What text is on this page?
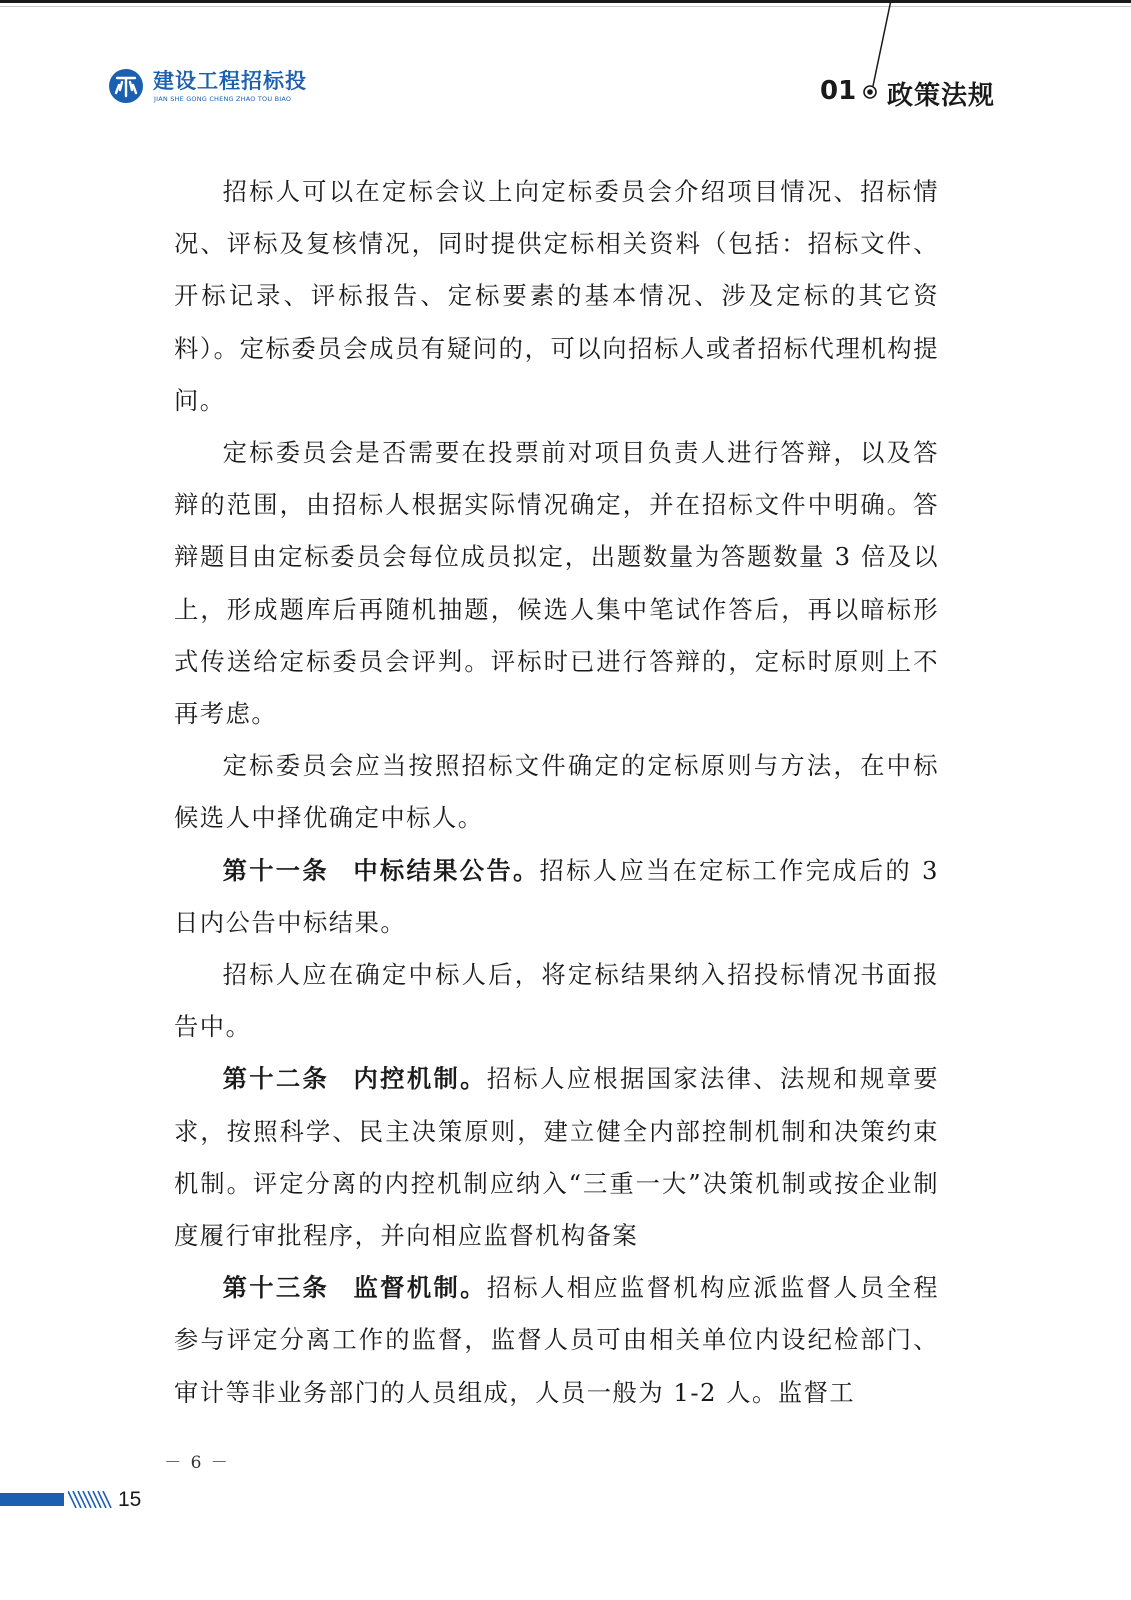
建设工程招标投
JIAN SHE GONG CHENG ZHAO TOU BIAO	01 政策法规

招标人可以在定标会议上向定标委员会介绍项目情况、招标情况、评标及复核情况，同时提供定标相关资料（包括：招标文件、开标记录、评标报告、定标要素的基本情况、涉及定标的其它资料）。定标委员会成员有疑问的，可以向招标人或者招标代理机构提问。

定标委员会是否需要在投票前对项目负责人进行答辩，以及答辩的范围，由招标人根据实际情况确定，并在招标文件中明确。答辩题目由定标委员会每位成员拟定，出题数量为答题数量 3 倍及以上，形成题库后再随机抽题，候选人集中笔试作答后，再以暗标形式传送给定标委员会评判。评标时已进行答辩的，定标时原则上不再考虑。

定标委员会应当按照招标文件确定的定标原则与方法，在中标候选人中择优确定中标人。

第十一条 中标结果公告。招标人应当在定标工作完成后的 3 日内公告中标结果。

招标人应在确定中标人后，将定标结果纳入招投标情况书面报告中。

第十二条 内控机制。招标人应根据国家法律、法规和规章要求，按照科学、民主决策原则，建立健全内部控制机制和决策约束机制。评定分离的内控机制应纳入“三重一大”决策机制或按企业制度履行审批程序，并向相应监督机构备案

第十三条 监督机制。招标人相应监督机构应派监督人员全程参与评定分离工作的监督，监督人员可由相关单位内设纪检部门、审计等非业务部门的人员组成，人员一般为 1-2 人。监督工

－ 6 －
15
